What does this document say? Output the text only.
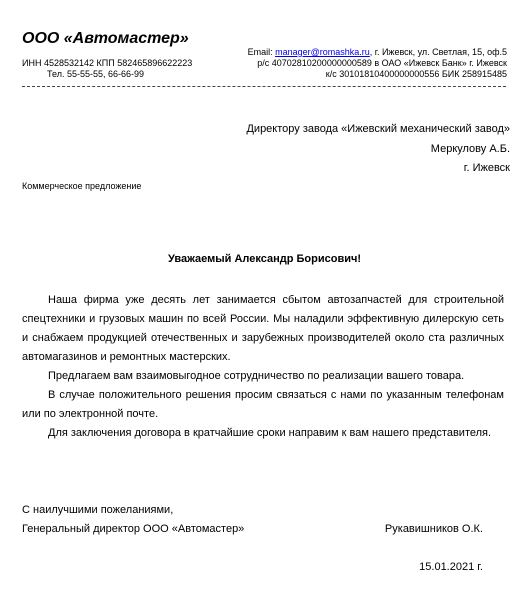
ООО «Автомастер»
ИНН 4528532142 КПП 582465896622223
Тел. 55-55-55, 66-66-99
Email: manager@romashka.ru, г. Ижевск, ул. Светлая, 15, оф.5
р/с 40702810200000000589 в ОАО «Ижевск Банк» г. Ижевск
к/с 30101810400000000556 БИК 258915485
Директору завода «Ижевский механический завод»
Меркулову А.Б.
г. Ижевск
Коммерческое предложение
Уважаемый Александр Борисович!

Наша фирма уже десять лет занимается сбытом автозапчастей для строительной спецтехники и грузовых машин по всей России. Мы наладили эффективную дилерскую сеть и снабжаем продукцией отечественных и зарубежных производителей около ста различных автомагазинов и ремонтных мастерских.

Предлагаем вам взаимовыгодное сотрудничество по реализации вашего товара.

В случае положительного решения просим связаться с нами по указанным телефонам или по электронной почте.

Для заключения договора в кратчайшие сроки направим к вам нашего представителя.

С наилучшими пожеланиями,
Генеральный директор ООО «Автомастер»	Рукавишников О.К.
15.01.2021 г.
